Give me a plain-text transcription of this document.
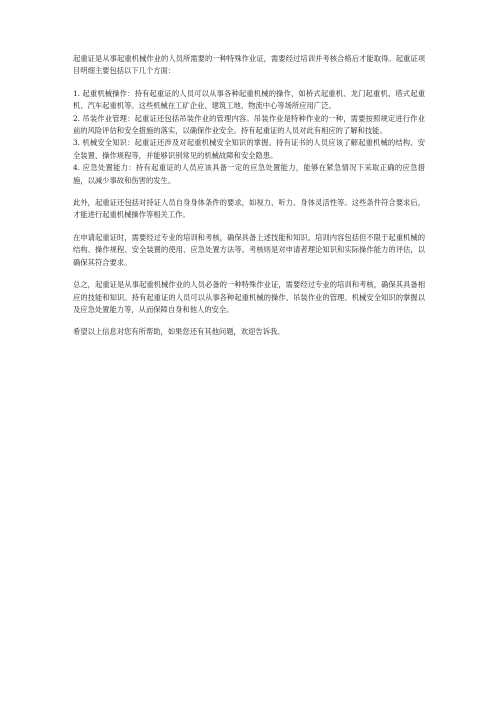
起重证是从事起重机械作业的人员所需要的一种特殊作业证，需要经过培训并考核合格后才能取得。起重证项目明细主要包括以下几个方面：

1. 起重机械操作：持有起重证的人员可以从事各种起重机械的操作，如桥式起重机、龙门起重机、塔式起重机、汽车起重机等。这些机械在工矿企业、建筑工地、物流中心等场所应用广泛。

2. 吊装作业管理：起重证还包括吊装作业的管理内容。吊装作业是特种作业的一种，需要按照规定进行作业前的风险评估和安全措施的落实，以确保作业安全。持有起重证的人员对此有相应的了解和技能。

3. 机械安全知识：起重证还涉及对起重机械安全知识的掌握。持有证书的人员应该了解起重机械的结构、安全装置、操作规程等，并能够识别常见的机械故障和安全隐患。

4. 应急处置能力：持有起重证的人员应该具备一定的应急处置能力，能够在紧急情况下采取正确的应急措施，以减少事故和伤害的发生。

此外，起重证还包括对持证人员自身身体条件的要求，如视力、听力、身体灵活性等。这些条件符合要求后，才能进行起重机械操作等相关工作。

在申请起重证时，需要经过专业的培训和考核，确保具备上述技能和知识。培训内容包括但不限于起重机械的结构、操作规程、安全装置的使用、应急处置方法等。考核则是对申请者理论知识和实际操作能力的评估，以确保其符合要求。

总之，起重证是从事起重机械作业的人员必备的一种特殊作业证，需要经过专业的培训和考核，确保其具备相应的技能和知识。持有起重证的人员可以从事各种起重机械的操作、吊装作业的管理、机械安全知识的掌握以及应急处置能力等，从而保障自身和他人的安全。

希望以上信息对您有所帮助，如果您还有其他问题，欢迎告诉我。
